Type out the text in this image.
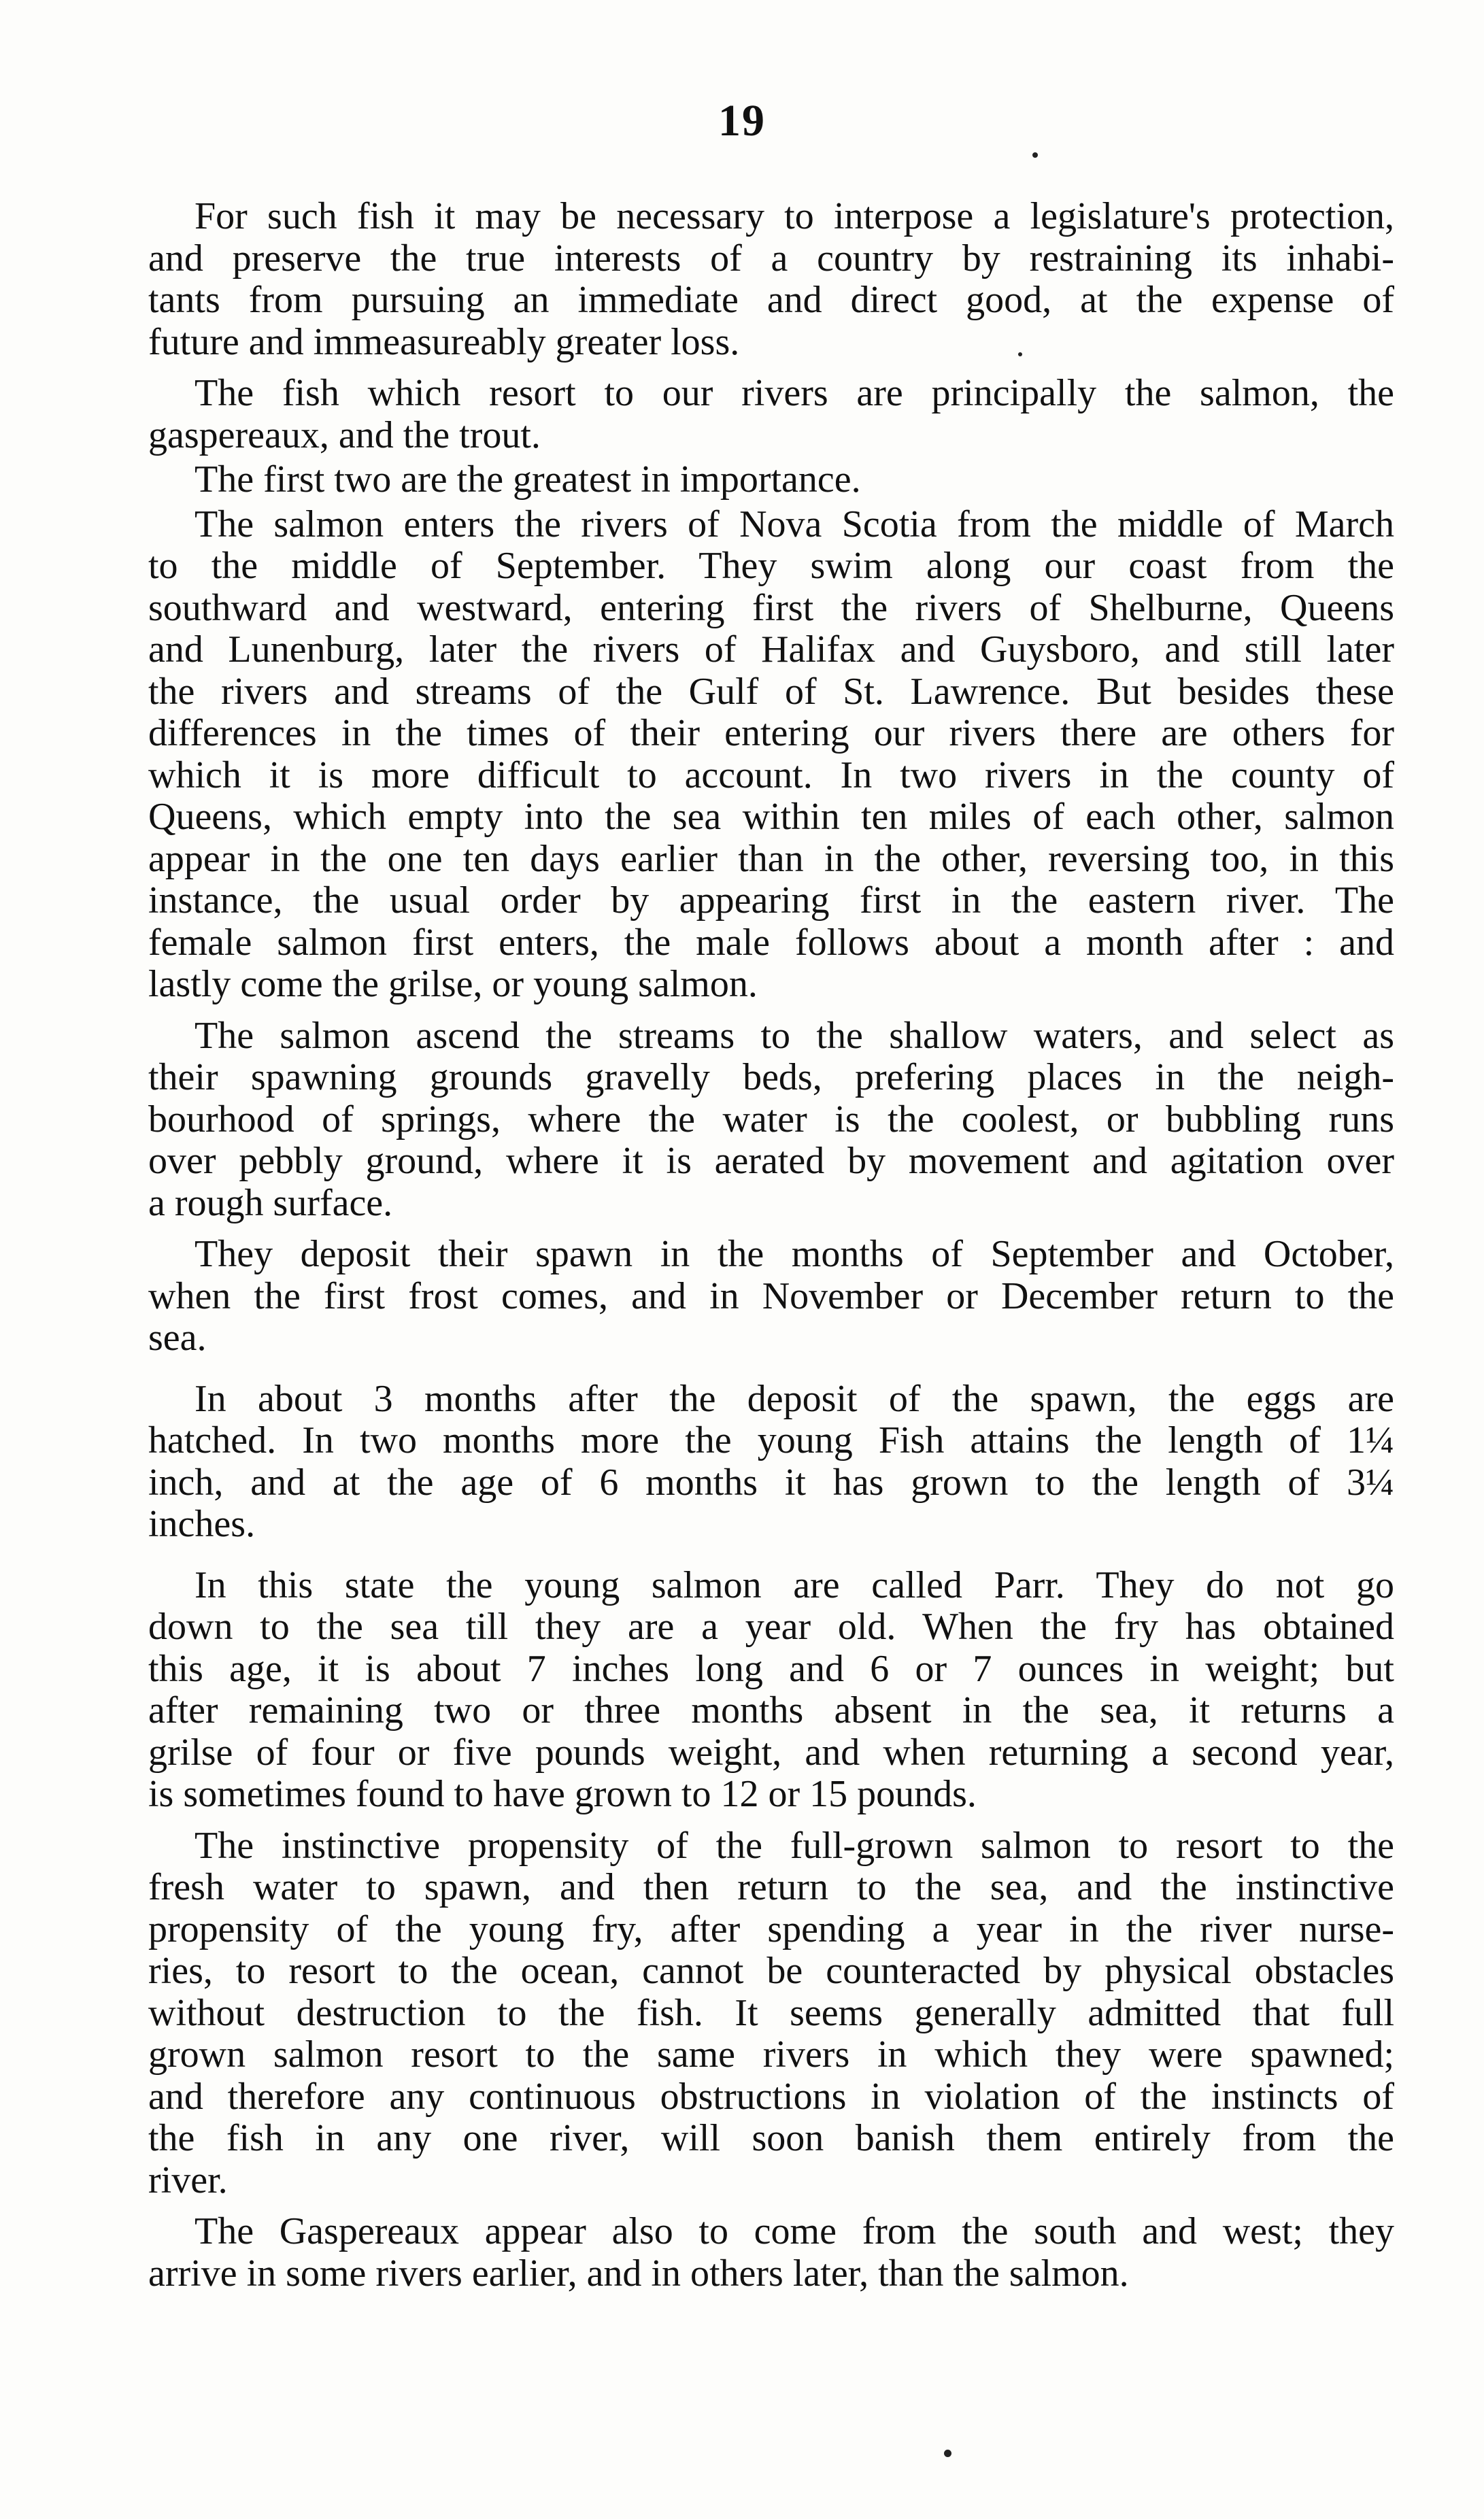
19
For such fish it may be necessary to interpose a legislature's protection,
and preserve the true interests of a country by restraining its inhabi-
tants from pursuing an immediate and direct good, at the expense of
future and immeasureably greater loss.
The fish which resort to our rivers are principally the salmon, the
gaspereaux, and the trout.
The first two are the greatest in importance.
The salmon enters the rivers of Nova Scotia from the middle of March
to the middle of September. They swim along our coast from the
southward and westward, entering first the rivers of Shelburne, Queens
and Lunenburg, later the rivers of Halifax and Guysboro, and still later
the rivers and streams of the Gulf of St. Lawrence. But besides these
differences in the times of their entering our rivers there are others for
which it is more difficult to account. In two rivers in the county of
Queens, which empty into the sea within ten miles of each other, salmon
appear in the one ten days earlier than in the other, reversing too, in this
instance, the usual order by appearing first in the eastern river. The
female salmon first enters, the male follows about a month after : and
lastly come the grilse, or young salmon.
The salmon ascend the streams to the shallow waters, and select as
their spawning grounds gravelly beds, prefering places in the neigh-
bourhood of springs, where the water is the coolest, or bubbling runs
over pebbly ground, where it is aerated by movement and agitation over
a rough surface.
They deposit their spawn in the months of September and October,
when the first frost comes, and in November or December return to the
sea.
In about 3 months after the deposit of the spawn, the eggs are
hatched. In two months more the young Fish attains the length of 1¼
inch, and at the age of 6 months it has grown to the length of 3¼
inches.
In this state the young salmon are called Parr. They do not go
down to the sea till they are a year old. When the fry has obtained
this age, it is about 7 inches long and 6 or 7 ounces in weight; but
after remaining two or three months absent in the sea, it returns a
grilse of four or five pounds weight, and when returning a second year,
is sometimes found to have grown to 12 or 15 pounds.
The instinctive propensity of the full-grown salmon to resort to the
fresh water to spawn, and then return to the sea, and the instinctive
propensity of the young fry, after spending a year in the river nurse-
ries, to resort to the ocean, cannot be counteracted by physical obstacles
without destruction to the fish. It seems generally admitted that full
grown salmon resort to the same rivers in which they were spawned;
and therefore any continuous obstructions in violation of the instincts of
the fish in any one river, will soon banish them entirely from the
river.
The Gaspereaux appear also to come from the south and west; they
arrive in some rivers earlier, and in others later, than the salmon.
